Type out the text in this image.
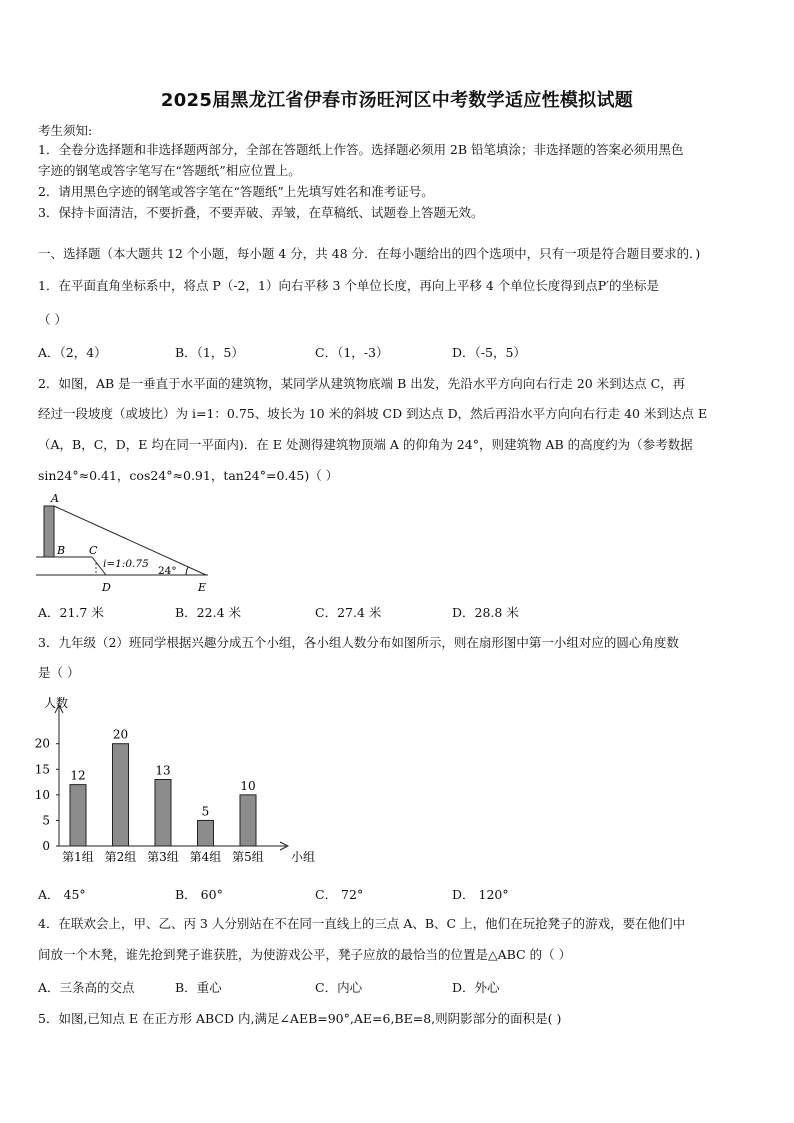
2025届黑龙江省伊春市汤旺河区中考数学适应性模拟试题
考生须知:
1．全卷分选择题和非选择题两部分，全部在答题纸上作答。选择题必须用 2B 铅笔填涂；非选择题的答案必须用黑色
字迹的钢笔或答字笔写在“答题纸”相应位置上。
2．请用黑色字迹的钢笔或答字笔在“答题纸”上先填写姓名和准考证号。
3．保持卡面清洁，不要折叠，不要弄破、弄皱，在草稿纸、试题卷上答题无效。
一、选择题（本大题共 12 个小题，每小题 4 分，共 48 分．在每小题给出的四个选项中，只有一项是符合题目要求的．)
1．在平面直角坐标系中，将点 P（-2，1）向右平移 3 个单位长度，再向上平移 4 个单位长度得到点P′的坐标是
（ ）
A．（2，4）	B．（1，5）	C．（1，-3）	D．（-5，5）
2．如图，AB 是一垂直于水平面的建筑物，某同学从建筑物底端 B 出发，先沿水平方向向右行走 20 米到达点 C，再
经过一段坡度（或坡比）为 i=1：0.75、坡长为 10 米的斜坡 CD 到达点 D，然后再沿水平方向向右行走 40 米到达点 E
（A，B，C，D，E 均在同一平面内)．在 E 处测得建筑物顶端 A 的仰角为 24°，则建筑物 AB 的高度约为（参考数据
sin24°≈0.41，cos24°≈0.91，tan24°=0.45)（ ）
A
B C
D	E
i=1:0.75
24°
A．21.7 米	B．22.4 米	C．27.4 米	D．28.8 米
3．九年级（2）班同学根据兴趣分成五个小组，各小组人数分布如图所示，则在扇形图中第一小组对应的圆心角度数
是（ ）
人数
小组
0
5
10
15
20
12
20
13
5
10
第1组 第2组 第3组 第4组 第5组
A． 45°	B． 60°	C． 72°	D． 120°
4．在联欢会上，甲、乙、丙 3 人分别站在不在同一直线上的三点 A、B、C 上，他们在玩抢凳子的游戏，要在他们中
间放一个木凳，谁先抢到凳子谁获胜，为使游戏公平，凳子应放的最恰当的位置是△ABC 的（ ）
A．三条高的交点	B．重心	C．内心	D．外心
5．如图,已知点 E 在正方形 ABCD 内,满足∠AEB=90°,AE=6,BE=8,则阴影部分的面积是( )
